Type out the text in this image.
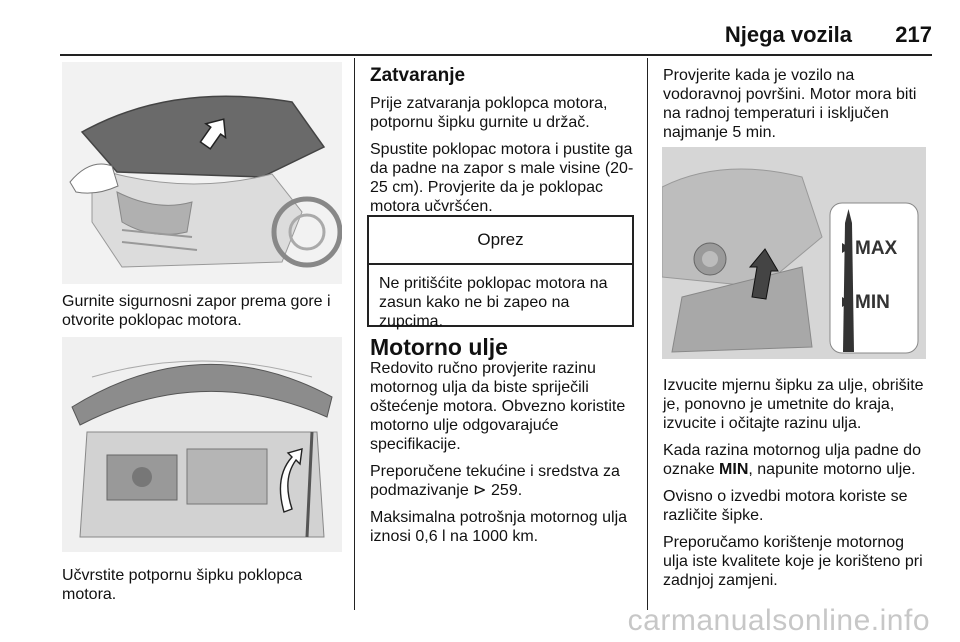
Njega vozila 217

Gurnite sigurnosni zapor prema gore i otvorite poklopac motora.

Učvrstite potpornu šipku poklopca motora.

Zatvaranje

Prije zatvaranja poklopca motora, potpornu šipku gurnite u držač.

Spustite poklopac motora i pustite ga da padne na zapor s male visine (20-25 cm). Provjerite da je poklopac motora učvršćen.

Oprez
Ne pritišćite poklopac motora na zasun kako ne bi zapeo na zupcima.
Motorno ulje

Redovito ručno provjerite razinu motornog ulja da biste spriječili oštećenje motora. Obvezno koristite motorno ulje odgovarajuće specifikacije.

Preporučene tekućine i sredstva za podmazivanje ⊳ 259.

Maksimalna potrošnja motornog ulja iznosi 0,6 l na 1000 km.

Provjerite kada je vozilo na vodoravnoj površini. Motor mora biti na radnoj temperaturi i isključen najmanje 5 min.

MAX
MIN

Izvucite mjernu šipku za ulje, obrišite je, ponovno je umetnite do kraja, izvucite i očitajte razinu ulja.

Kada razina motornog ulja padne do oznake MIN, napunite motorno ulje.

Ovisno o izvedbi motora koriste se različite šipke.

Preporučamo korištenje motornog ulja iste kvalitete koje je korišteno pri zadnjoj zamjeni.

carmanualsonline.info
